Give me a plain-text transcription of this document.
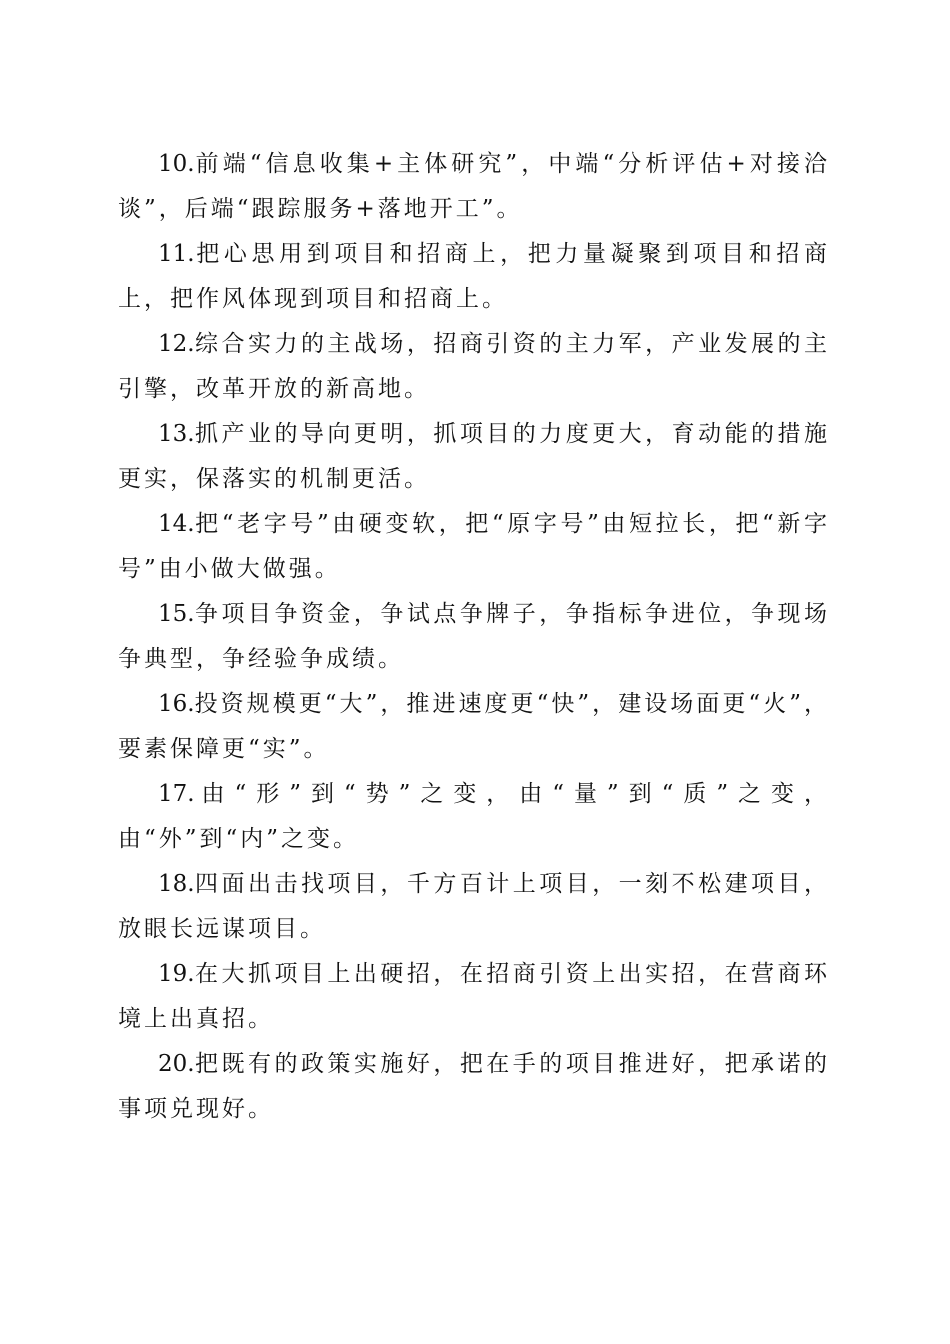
10.前端“信息收集+主体研究”，中端“分析评估+对接洽谈”，后端“跟踪服务+落地开工”。

11.把心思用到项目和招商上，把力量凝聚到项目和招商上，把作风体现到项目和招商上。

12.综合实力的主战场，招商引资的主力军，产业发展的主引擎，改革开放的新高地。

13.抓产业的导向更明，抓项目的力度更大，育动能的措施更实，保落实的机制更活。

14.把“老字号”由硬变软，把“原字号”由短拉长，把“新字号”由小做大做强。

15.争项目争资金，争试点争牌子，争指标争进位，争现场争典型，争经验争成绩。

16.投资规模更“大”，推进速度更“快”，建设场面更“火”，要素保障更“实”。

17.由“形”到“势”之变，由“量”到“质”之变，由“外”到“内”之变。

18.四面出击找项目，千方百计上项目，一刻不松建项目，放眼长远谋项目。

19.在大抓项目上出硬招，在招商引资上出实招，在营商环境上出真招。

20.把既有的政策实施好，把在手的项目推进好，把承诺的事项兑现好。
